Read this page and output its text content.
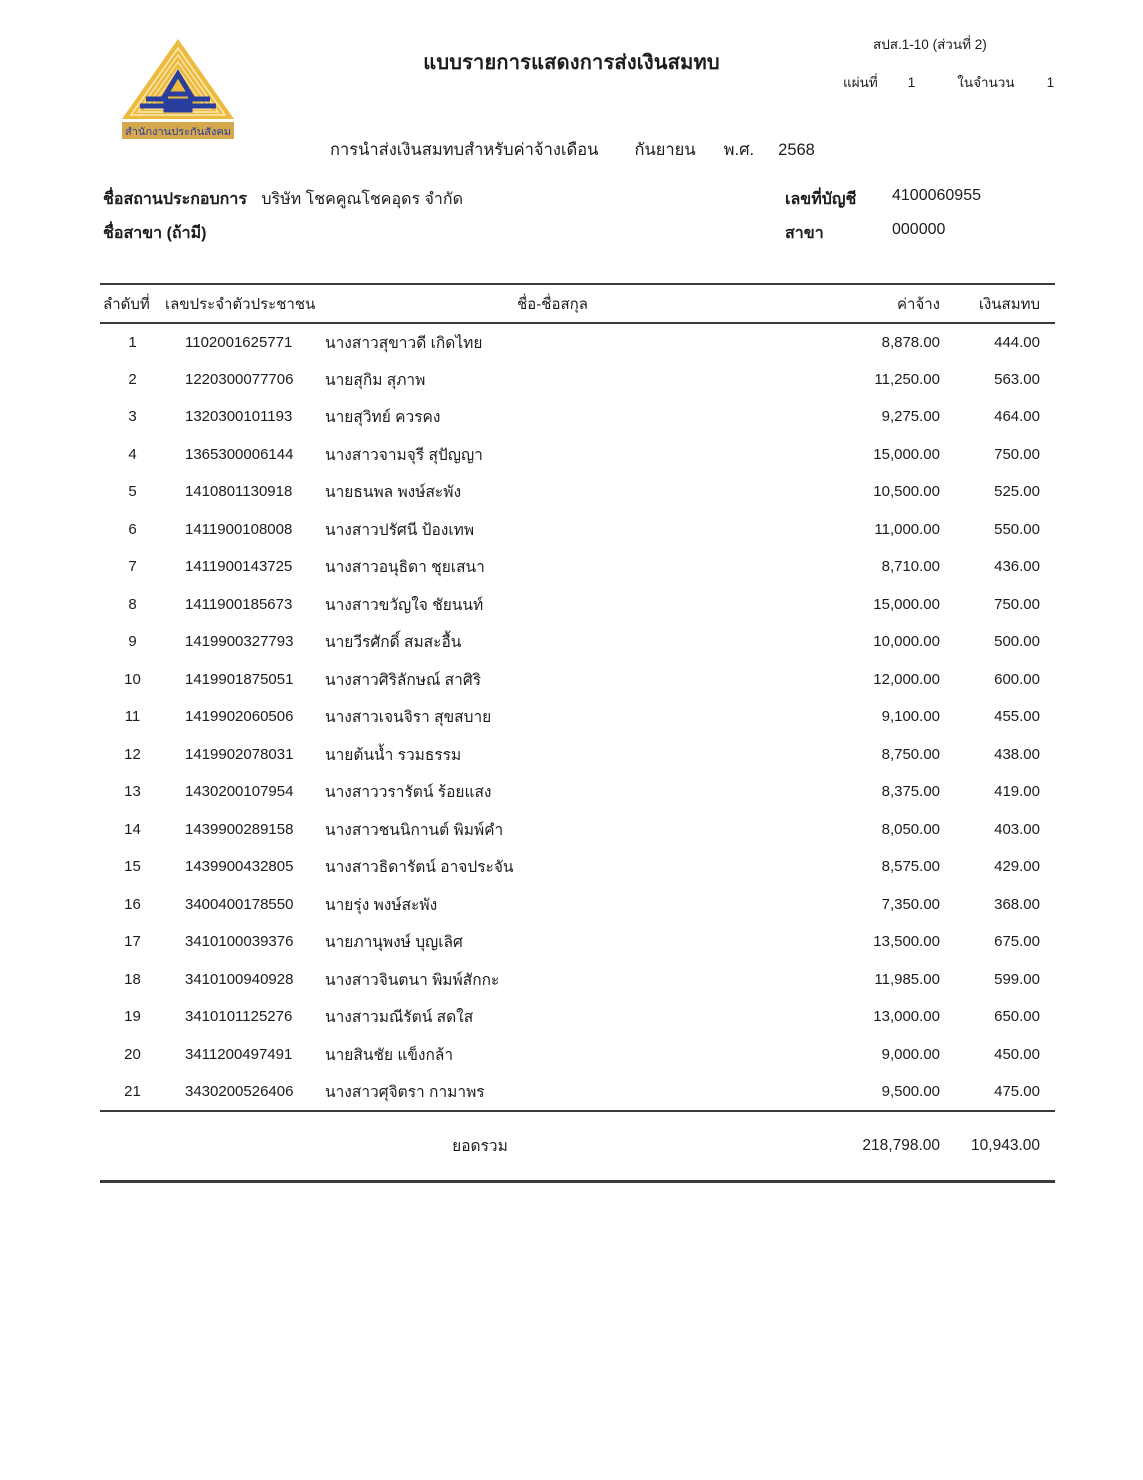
สำนักงานประกันสังคม
แบบรายการแสดงการส่งเงินสมทบ
สปส.1-10 (ส่วนที่ 2)
แผ่นที่ 1	ในจำนวน 1
การนำส่งเงินสมทบสำหรับค่าจ้างเดือน กันยายน พ.ศ. 2568
ชื่อสถานประกอบการ บริษัท โชคคูณโชคอุดร จำกัด
ชื่อสาขา (ถ้ามี)
เลขที่บัญชี 4100060955
สาขา	000000
ลำดับที่	เลขประจำตัวประชาชน	ชื่อ-ชื่อสกุล	ค่าจ้าง	เงินสมทบ
1	1102001625771	นางสาวสุขาวดี เกิดไทย	8,878.00	444.00
2	1220300077706	นายสุกิม สุภาพ	11,250.00	563.00
3	1320300101193	นายสุวิทย์ ควรคง	9,275.00	464.00
4	1365300006144	นางสาวจามจุรี สุปัญญา	15,000.00	750.00
5	1410801130918	นายธนพล พงษ์สะพัง	10,500.00	525.00
6	1411900108008	นางสาวปรัศนี ป้องเทพ	11,000.00	550.00
7	1411900143725	นางสาวอนุธิดา ชุยเสนา	8,710.00	436.00
8	1411900185673	นางสาวขวัญใจ ชัยนนท์	15,000.00	750.00
9	1419900327793	นายวีรศักดิ์ สมสะอื้น	10,000.00	500.00
10	1419901875051	นางสาวศิริลักษณ์ สาศิริ	12,000.00	600.00
11	1419902060506	นางสาวเจนจิรา สุขสบาย	9,100.00	455.00
12	1419902078031	นายต้นน้ำ รวมธรรม	8,750.00	438.00
13	1430200107954	นางสาววรารัตน์ ร้อยแสง	8,375.00	419.00
14	1439900289158	นางสาวชนนิกานต์ พิมพ์คำ	8,050.00	403.00
15	1439900432805	นางสาวธิดารัตน์ อาจประจัน	8,575.00	429.00
16	3400400178550	นายรุ่ง พงษ์สะพัง	7,350.00	368.00
17	3410100039376	นายภานุพงษ์ บุญเลิศ	13,500.00	675.00
18	3410100940928	นางสาวจินตนา พิมพ์สักกะ	11,985.00	599.00
19	3410101125276	นางสาวมณีรัตน์ สดใส	13,000.00	650.00
20	3411200497491	นายสินชัย แข็งกล้า	9,000.00	450.00
21	3430200526406	นางสาวศุจิตรา กามาพร	9,500.00	475.00
ยอดรวม			218,798.00	10,943.00
